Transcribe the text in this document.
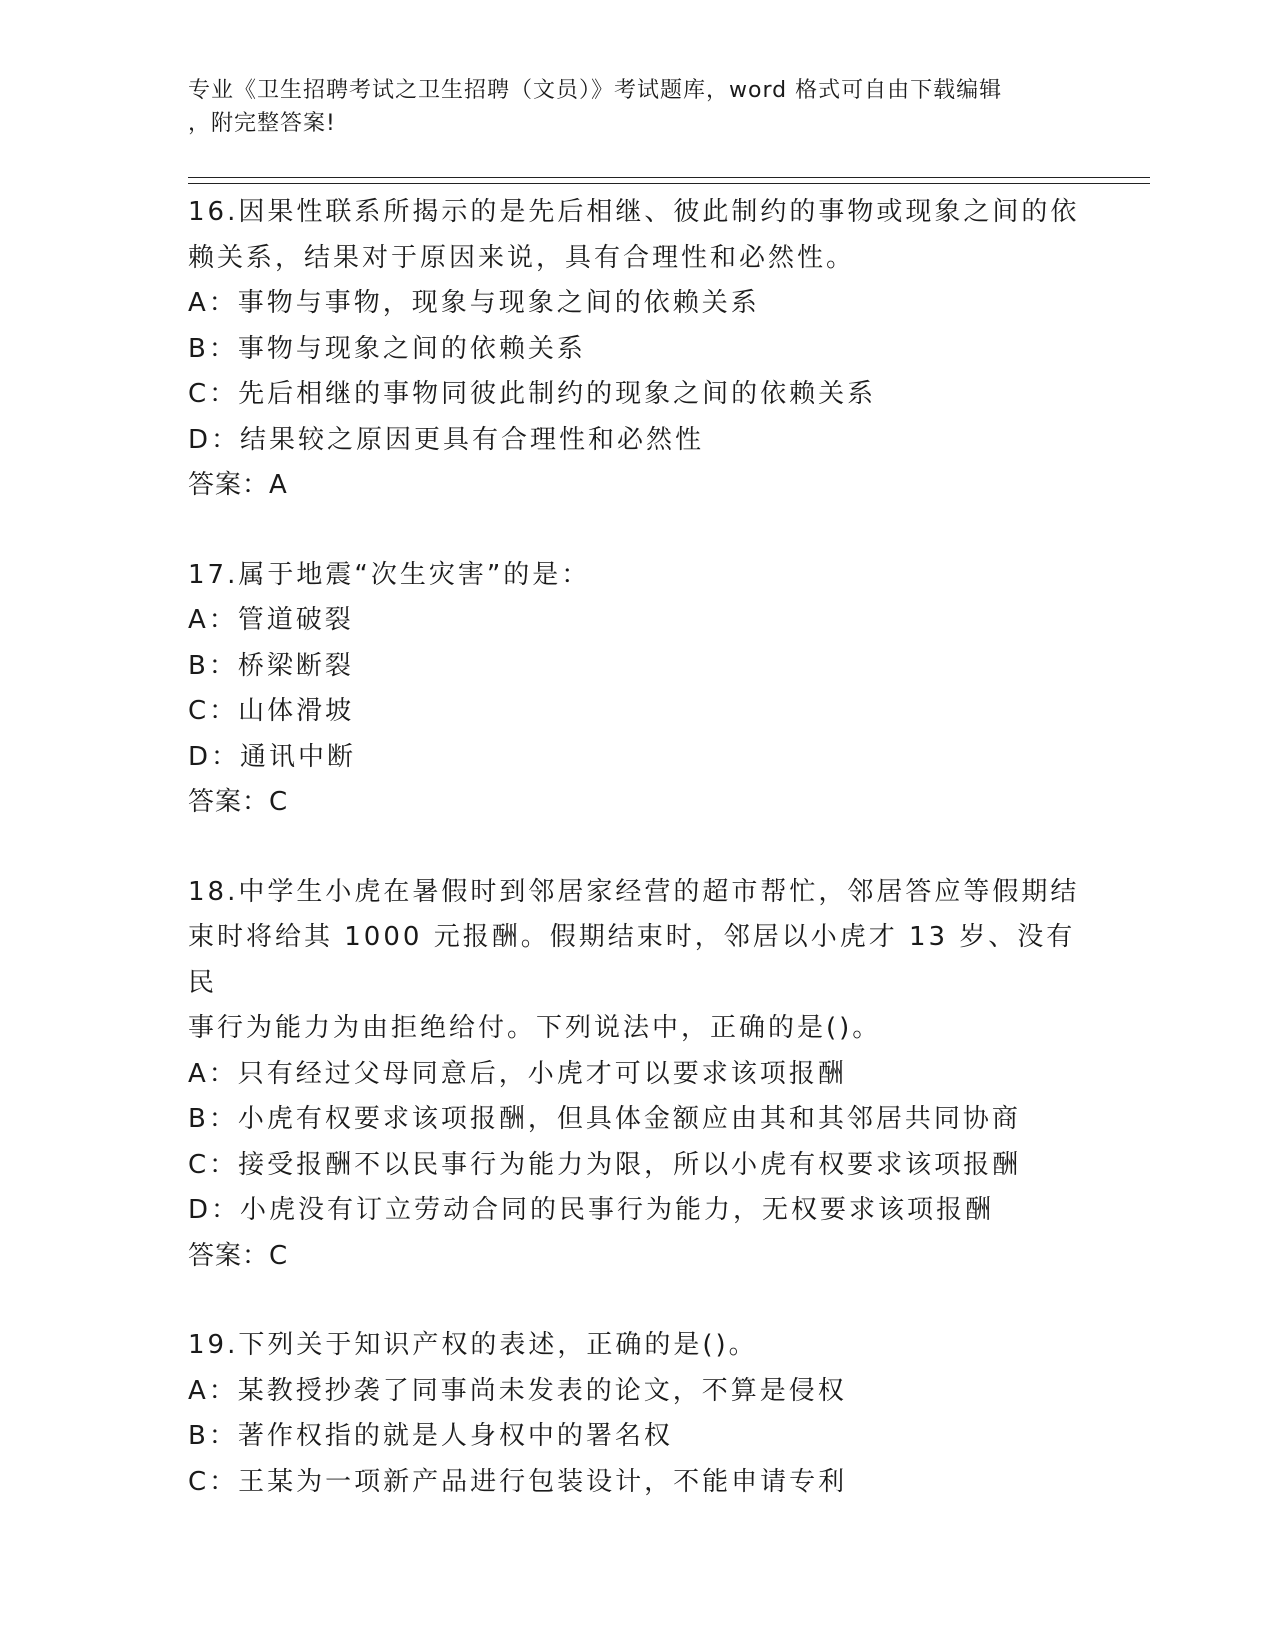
专业《卫生招聘考试之卫生招聘（文员）》考试题库，word 格式可自由下载编辑
，附完整答案!
16.因果性联系所揭示的是先后相继、彼此制约的事物或现象之间的依
赖关系，结果对于原因来说，具有合理性和必然性。
A：事物与事物，现象与现象之间的依赖关系
B：事物与现象之间的依赖关系
C：先后相继的事物同彼此制约的现象之间的依赖关系
D：结果较之原因更具有合理性和必然性
答案：A
17.属于地震“次生灾害”的是：
A：管道破裂
B：桥梁断裂
C：山体滑坡
D：通讯中断
答案：C
18.中学生小虎在暑假时到邻居家经营的超市帮忙，邻居答应等假期结
束时将给其 1000 元报酬。假期结束时，邻居以小虎才 13 岁、没有民
事行为能力为由拒绝给付。下列说法中，正确的是()。
A：只有经过父母同意后，小虎才可以要求该项报酬
B：小虎有权要求该项报酬，但具体金额应由其和其邻居共同协商
C：接受报酬不以民事行为能力为限，所以小虎有权要求该项报酬
D：小虎没有订立劳动合同的民事行为能力，无权要求该项报酬
答案：C
19.下列关于知识产权的表述，正确的是()。
A：某教授抄袭了同事尚未发表的论文，不算是侵权
B：著作权指的就是人身权中的署名权
C：王某为一项新产品进行包装设计，不能申请专利
